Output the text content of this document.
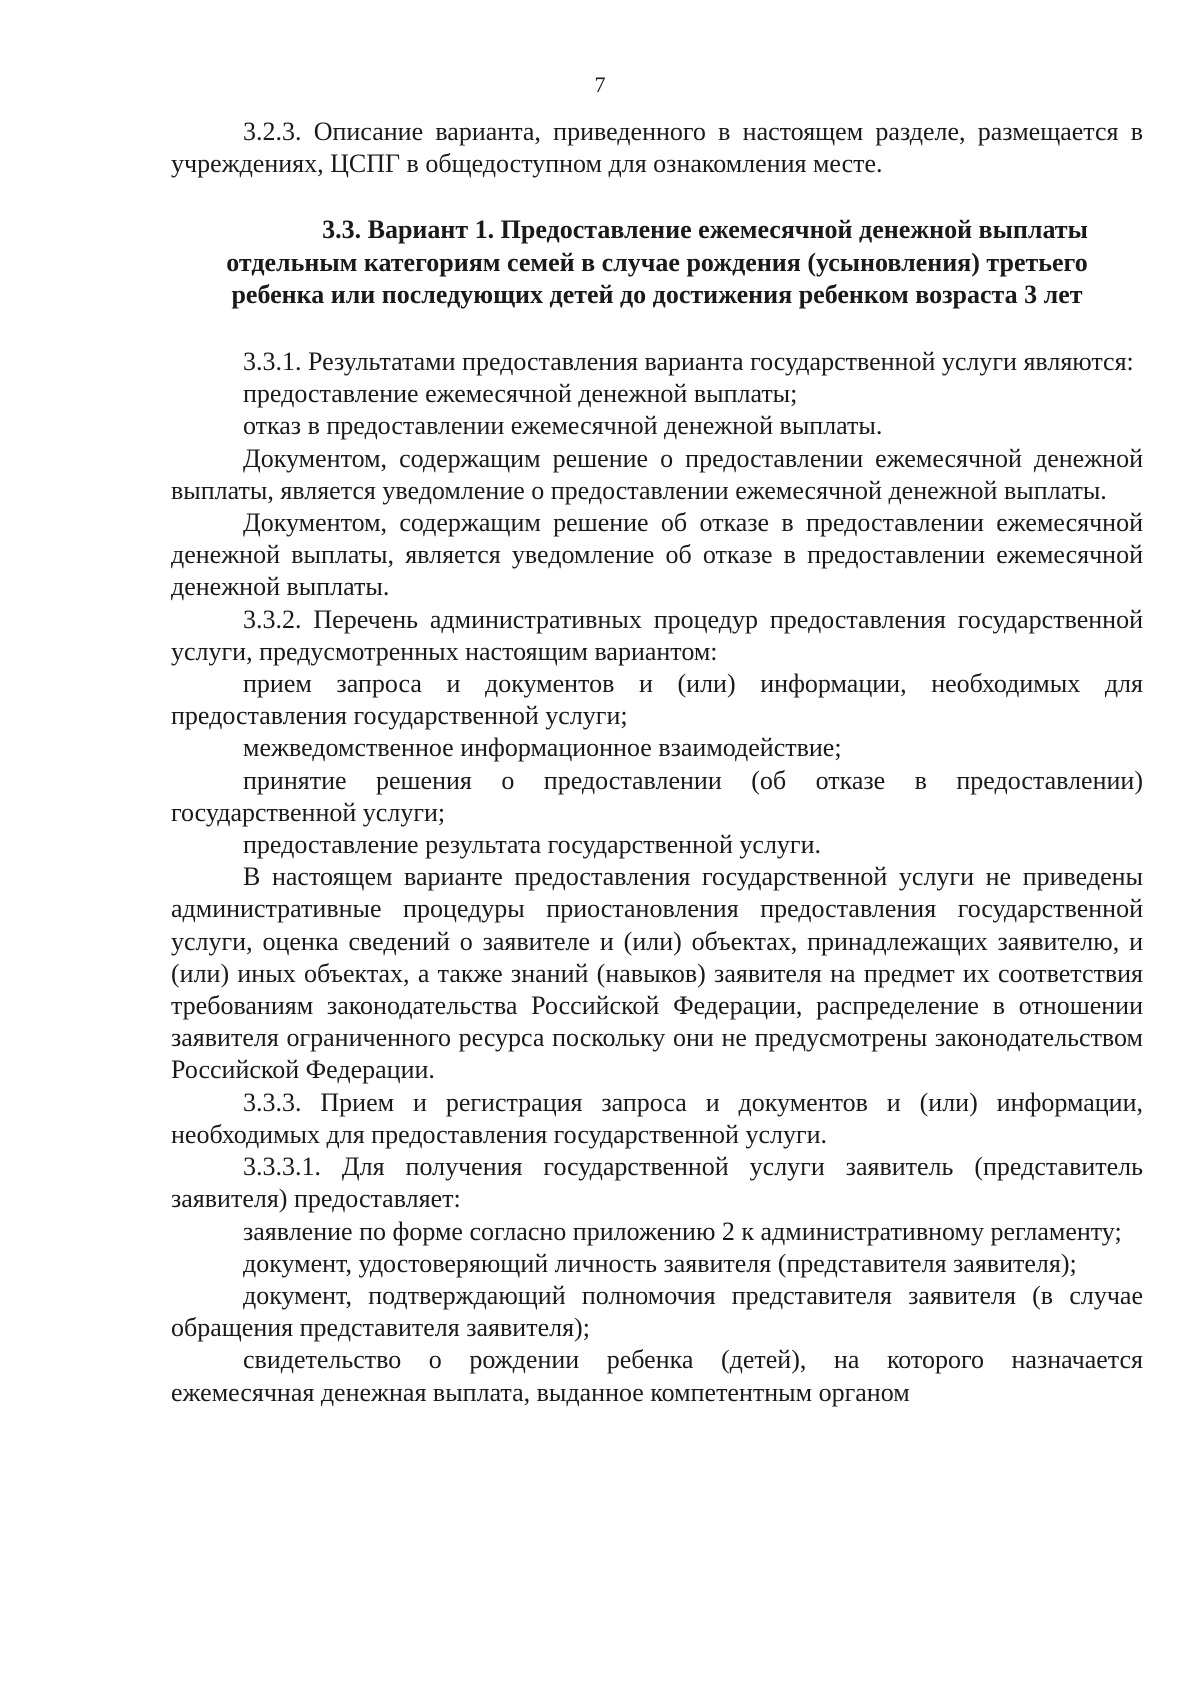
7

3.2.3. Описание варианта, приведенного в настоящем разделе, размещается в учреждениях, ЦСПГ в общедоступном для ознакомления месте.

3.3. Вариант 1. Предоставление ежемесячной денежной выплаты
отдельным категориям семей в случае рождения (усыновления) третьего
ребенка или последующих детей до достижения ребенком возраста 3 лет

3.3.1. Результатами предоставления варианта государственной услуги являются:

предоставление ежемесячной денежной выплаты;

отказ в предоставлении ежемесячной денежной выплаты.

Документом, содержащим решение о предоставлении ежемесячной денежной выплаты, является уведомление о предоставлении ежемесячной денежной выплаты.

Документом, содержащим решение об отказе в предоставлении ежемесячной денежной выплаты, является уведомление об отказе в предоставлении ежемесячной денежной выплаты.

3.3.2. Перечень административных процедур предоставления государственной услуги, предусмотренных настоящим вариантом:

прием запроса и документов и (или) информации, необходимых для предоставления государственной услуги;

межведомственное информационное взаимодействие;

принятие решения о предоставлении (об отказе в предоставлении) государственной услуги;

предоставление результата государственной услуги.

В настоящем варианте предоставления государственной услуги не приведены административные процедуры приостановления предоставления государственной услуги, оценка сведений о заявителе и (или) объектах, принадлежащих заявителю, и (или) иных объектах, а также знаний (навыков) заявителя на предмет их соответствия требованиям законодательства Российской Федерации, распределение в отношении заявителя ограниченного ресурса поскольку они не предусмотрены законодательством Российской Федерации.

3.3.3. Прием и регистрация запроса и документов и (или) информации, необходимых для предоставления государственной услуги.

3.3.3.1. Для получения государственной услуги заявитель (представитель заявителя) предоставляет:

заявление по форме согласно приложению 2 к административному регламенту;

документ, удостоверяющий личность заявителя (представителя заявителя);

документ, подтверждающий полномочия представителя заявителя (в случае обращения представителя заявителя);

свидетельство о рождении ребенка (детей), на которого назначается ежемесячная денежная выплата, выданное компетентным органом
